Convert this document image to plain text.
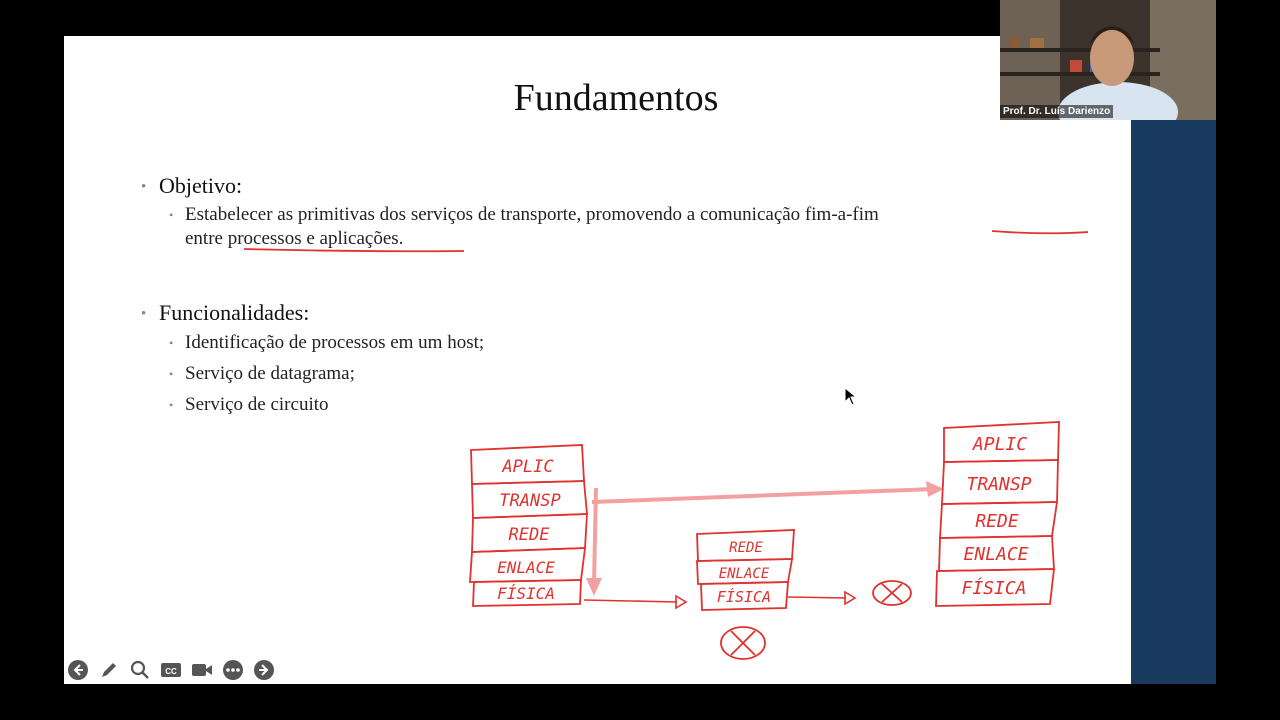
Fundamentos
• Objetivo:
• Estabelecer as primitivas dos serviços de transporte, promovendo a comunicação fim-a-fim
entre processos e aplicações.
• Funcionalidades:
• Identificação de processos em um host;
• Serviço de datagrama;
• Serviço de circuito
APLIC
TRANSP
REDE
ENLACE
FÍSICA
REDE
ENLACE
FÍSICA
APLIC
TRANSP
REDE
ENLACE
FÍSICA
CC
Prof. Dr. Luís Darienzo
